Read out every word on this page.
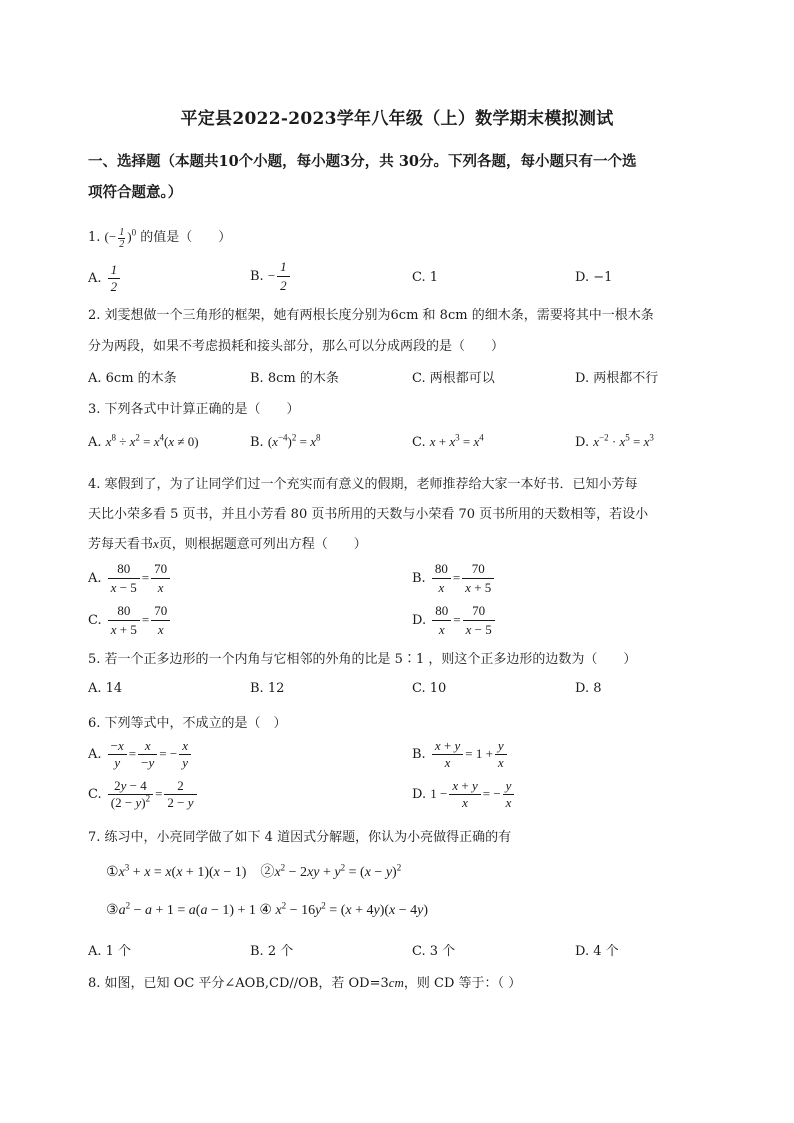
平定县2022-2023学年八年级（上）数学期末模拟测试
一、选择题（本题共10个小题，每小题3分，共 30分。下列各题，每小题只有一个选
项符合题意。）
1. (− $\frac{1}{2} )^0$ 的值是（　　）
A. $\frac{1}{2}$	B. − $\frac{1}{2}$	C. 1	D. −1
2. 刘雯想做一个三角形的框架，她有两根长度分别为6cm 和 8cm 的细木条，需要将其中一根木条
分为两段，如果不考虑损耗和接头部分，那么可以分成两段的是（　　）
A. 6cm 的木条	B. 8cm 的木条	C. 两根都可以	D. 两根都不行
3. 下列各式中计算正确的是（　　）
A. $x^8 \div x^2 = x^4(x \ne 0)$	B. $(x^{-4})^2 = x^8$	C. $x + x^3 = x^4$	D. $x^{-2} \cdot x^5 = x^3$
4. 寒假到了，为了让同学们过一个充实而有意义的假期，老师推荐给大家一本好书．已知小芳每
天比小荣多看 5 页书，并且小芳看 80 页书所用的天数与小荣看 70 页书所用的天数相等，若设小
芳每天看书x页，则根据题意可列出方程（　　）
A. $\frac{80}{x - 5} = \frac{70}{x}$	B. $\frac{80}{x} = \frac{70}{x + 5}$
C. $\frac{80}{x + 5} = \frac{70}{x}$	D. $\frac{80}{x} = \frac{70}{x - 5}$
5. 若一个正多边形的一个内角与它相邻的外角的比是 5∶1 ，则这个正多边形的边数为（　　）
A. 14	B. 12	C. 10	D. 8
6. 下列等式中，不成立的是（　）
A. $\frac{-x}{y} = \frac{x}{-y}$ = − $\frac{x}{y}$	B. $\frac{x + y}{x} = 1 + \frac{y}{x}$
C. $\frac{2y - 4}{(2 - y)^2} = \frac{2}{2 - y}$	D. $1 - \frac{x + y}{x}$ = − $\frac{y}{x}$
7. 练习中，小亮同学做了如下 4 道因式分解题，你认为小亮做得正确的有
$①x^3 + x = x(x + 1)(x - 1)$　$②x^2 - 2xy + y^2 = (x - y)^2$
$③a^2 - a + 1 = a(a - 1) + 1$ ④ $x^2 - 16y^2 = (x + 4y)(x - 4y)$
A. 1 个	B. 2 个	C. 3 个	D. 4 个
8. 如图，已知 OC 平分∠AOB,CD//OB，若 OD=3cm，则 CD 等于：（ ）
